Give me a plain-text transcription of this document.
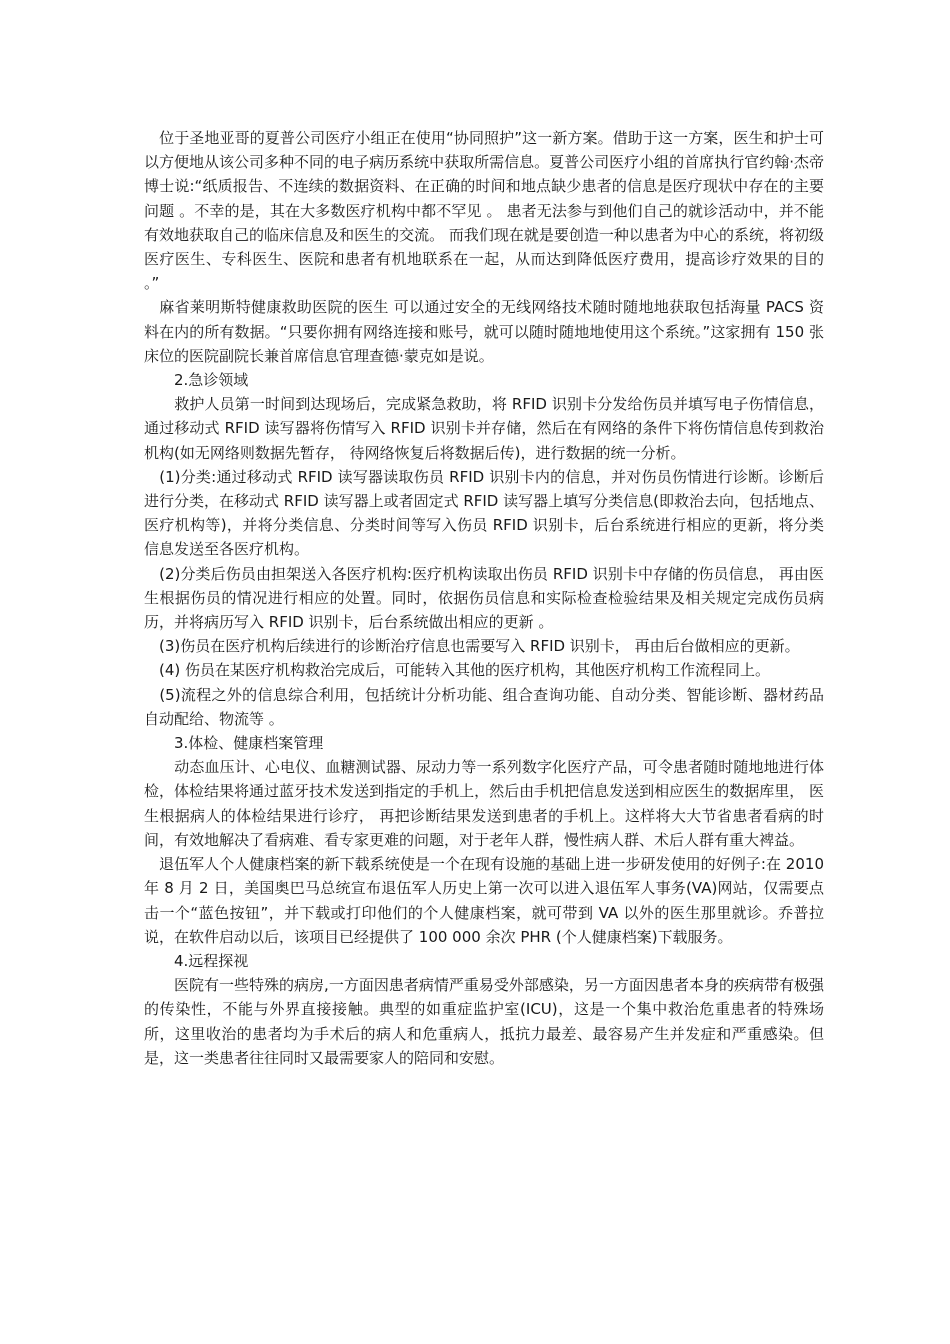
　位于圣地亚哥的夏普公司医疗小组正在使用“协同照护”这一新方案。借助于这一方案，医生和护士可以方便地从该公司多种不同的电子病历系统中获取所需信息。夏普公司医疗小组的首席执行官约翰·杰帝博士说:“纸质报告、不连续的数据资料、在正确的时间和地点缺少患者的信息是医疗现状中存在的主要问题 。不幸的是，其在大多数医疗机构中都不罕见 。 患者无法参与到他们自己的就诊活动中，并不能有效地获取自己的临床信息及和医生的交流。 而我们现在就是要创造一种以患者为中心的系统，将初级医疗医生、专科医生、医院和患者有机地联系在一起，从而达到降低医疗费用，提高诊疗效果的目的 。”

　麻省莱明斯特健康救助医院的医生 可以通过安全的无线网络技术随时随地地获取包括海量 PACS 资料在内的所有数据。“只要你拥有网络连接和账号，就可以随时随地地使用这个系统。”这家拥有 150 张床位的医院副院长兼首席信息官理查德·蒙克如是说。

2.急诊领域

　　救护人员第一时间到达现场后，完成紧急救助，将 RFID 识别卡分发给伤员并填写电子伤情信息，通过移动式 RFID 读写器将伤情写入 RFID 识别卡并存储，然后在有网络的条件下将伤情信息传到救治机构(如无网络则数据先暂存， 待网络恢复后将数据后传)，进行数据的统一分析。

　(1)分类:通过移动式 RFID 读写器读取伤员 RFID 识别卡内的信息，并对伤员伤情进行诊断。诊断后进行分类，在移动式 RFID 读写器上或者固定式 RFID 读写器上填写分类信息(即救治去向，包括地点、医疗机构等)，并将分类信息、分类时间等写入伤员 RFID 识别卡，后台系统进行相应的更新，将分类信息发送至各医疗机构。

　(2)分类后伤员由担架送入各医疗机构:医疗机构读取出伤员 RFID 识别卡中存储的伤员信息， 再由医生根据伤员的情况进行相应的处置。同时，依据伤员信息和实际检查检验结果及相关规定完成伤员病历，并将病历写入 RFID 识别卡，后台系统做出相应的更新 。

　(3)伤员在医疗机构后续进行的诊断治疗信息也需要写入 RFID 识别卡， 再由后台做相应的更新。

　(4) 伤员在某医疗机构救治完成后，可能转入其他的医疗机构，其他医疗机构工作流程同上。

　(5)流程之外的信息综合利用，包括统计分析功能、组合查询功能、自动分类、智能诊断、器材药品自动配给、物流等 。

3.体检、健康档案管理

　　动态血压计、心电仪、血糖测试器、尿动力等一系列数字化医疗产品，可令患者随时随地地进行体检，体检结果将通过蓝牙技术发送到指定的手机上，然后由手机把信息发送到相应医生的数据库里， 医生根据病人的体检结果进行诊疗， 再把诊断结果发送到患者的手机上。这样将大大节省患者看病的时间，有效地解决了看病难、看专家更难的问题，对于老年人群，慢性病人群、术后人群有重大裨益。

　退伍军人个人健康档案的新下载系统使是一个在现有设施的基础上进一步研发使用的好例子:在 2010 年 8 月 2 日，美国奥巴马总统宣布退伍军人历史上第一次可以进入退伍军人事务(VA)网站，仅需要点击一个“蓝色按钮”，并下载或打印他们的个人健康档案，就可带到 VA 以外的医生那里就诊。乔普拉说，在软件启动以后，该项目已经提供了 100 000 余次 PHR (个人健康档案)下载服务。

4.远程探视

　　医院有一些特殊的病房,一方面因患者病情严重易受外部感染，另一方面因患者本身的疾病带有极强的传染性，不能与外界直接接触。典型的如重症监护室(ICU)，这是一个集中救治危重患者的特殊场所，这里收治的患者均为手术后的病人和危重病人，抵抗力最差、最容易产生并发症和严重感染。但是，这一类患者往往同时又最需要家人的陪同和安慰。
